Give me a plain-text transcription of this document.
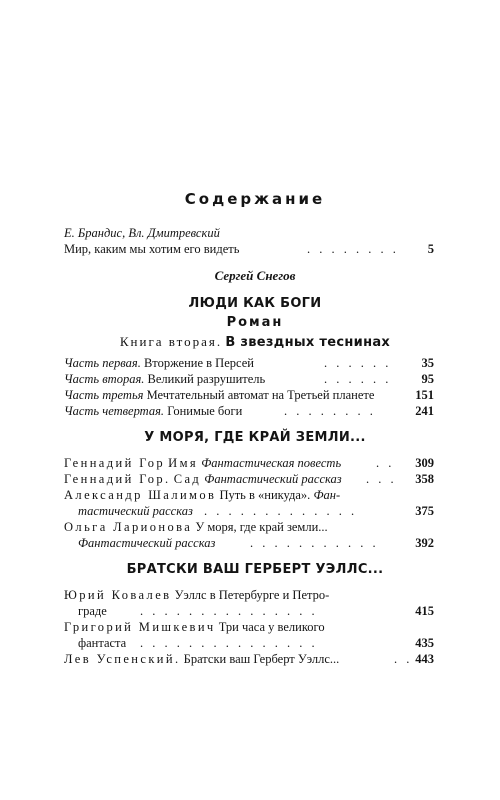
Содержание
Е. Брандис, Вл. Дмитревский
Мир, каким мы хотим его видеть	. . . . . . . . 5
Сергей Снегов
ЛЮДИ КАК БОГИ
Роман
Книга вторая. В звездных теснинах
Часть первая. Вторжение в Персей	. . . . . . 35
Часть вторая. Великий разрушитель	. . . . . . 95
Часть третья Мечтательный автомат на Третьей планете	151
Часть четвертая. Гонимые боги	. . . . . . . .	241
У МОРЯ, ГДЕ КРАЙ ЗЕМЛИ...
Геннадий Гор Имя Фантастическая повесть	. . 309
Геннадий Гор. Сад Фантастический рассказ . . . 358
Александр Шалимов Путь в «никуда». Фан-
тастический рассказ . . . . . . . . . . . . .	375
Ольга Ларионова У моря, где край земли...
Фантастический рассказ	. . . . . . . . . . .	392
БРАТСКИ ВАШ ГЕРБЕРТ УЭЛЛС...
Юрий Ковалев Уэллс в Петербурге и Петро-
граде	. . . . . . . . . . . . . . .	415
Григорий Мишкевич Три часа у великого
фантаста . . . . . . . . . . . . . . .	435
Лев Успенский. Братски ваш Герберт Уэллс...	. . 443
